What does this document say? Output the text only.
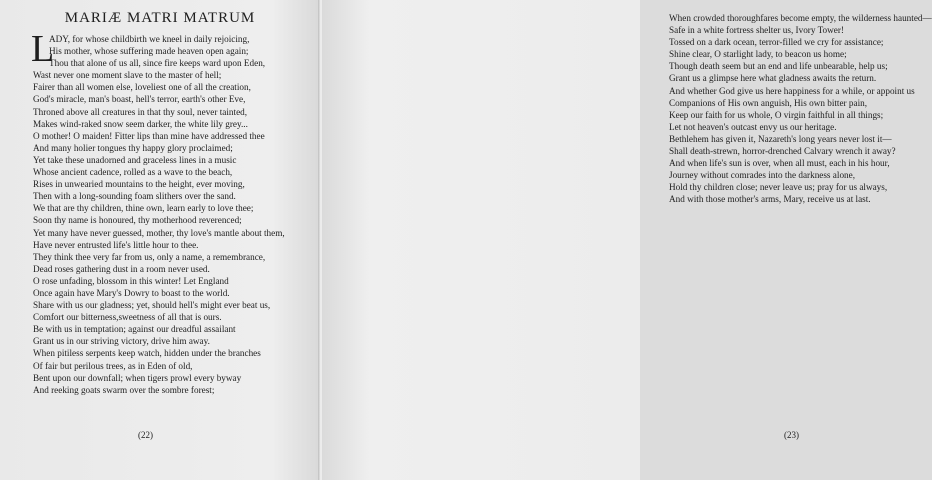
MARIÆ MATRI MATRUM
L
ADY, for whose childbirth we kneel in daily rejoicing,
His mother, whose suffering made heaven open again;
Thou that alone of us all, since fire keeps ward upon Eden,
Wast never one moment slave to the master of hell;
Fairer than all women else, loveliest one of all the creation,
God's miracle, man's boast, hell's terror, earth's other Eve,
Throned above all creatures in that thy soul, never tainted,
Makes wind-raked snow seem darker, the white lily grey...
O mother! O maiden! Fitter lips than mine have addressed thee
And many holier tongues thy happy glory proclaimed;
Yet take these unadorned and graceless lines in a music
Whose ancient cadence, rolled as a wave to the beach,
Rises in unwearied mountains to the height, ever moving,
Then with a long-sounding foam slithers over the sand.
We that are thy children, thine own, learn early to love thee;
Soon thy name is honoured, thy motherhood reverenced;
Yet many have never guessed, mother, thy love's mantle about them,
Have never entrusted life's little hour to thee.
They think thee very far from us, only a name, a remembrance,
Dead roses gathering dust in a room never used.
O rose unfading, blossom in this winter! Let England
Once again have Mary's Dowry to boast to the world.
Share with us our gladness; yet, should hell's might ever beat us,
Comfort our bitterness,sweetness of all that is ours.
Be with us in temptation; against our dreadful assailant
Grant us in our striving victory, drive him away.
When pitiless serpents keep watch, hidden under the branches
Of fair but perilous trees, as in Eden of old,
Bent upon our downfall; when tigers prowl every byway
And reeking goats swarm over the sombre forest;
(22)
When crowded thoroughfares become empty, the wilderness haunted—
Safe in a white fortress shelter us, Ivory Tower!
Tossed on a dark ocean, terror-filled we cry for assistance;
Shine clear, O starlight lady, to beacon us home;
Though death seem but an end and life unbearable, help us;
Grant us a glimpse here what gladness awaits the return.
And whether God give us here happiness for a while, or appoint us
Companions of His own anguish, His own bitter pain,
Keep our faith for us whole, O virgin faithful in all things;
Let not heaven's outcast envy us our heritage.
Bethlehem has given it, Nazareth's long years never lost it—
Shall death-strewn, horror-drenched Calvary wrench it away?
And when life's sun is over, when all must, each in his hour,
Journey without comrades into the darkness alone,
Hold thy children close; never leave us; pray for us always,
And with those mother's arms, Mary, receive us at last.
(23)
